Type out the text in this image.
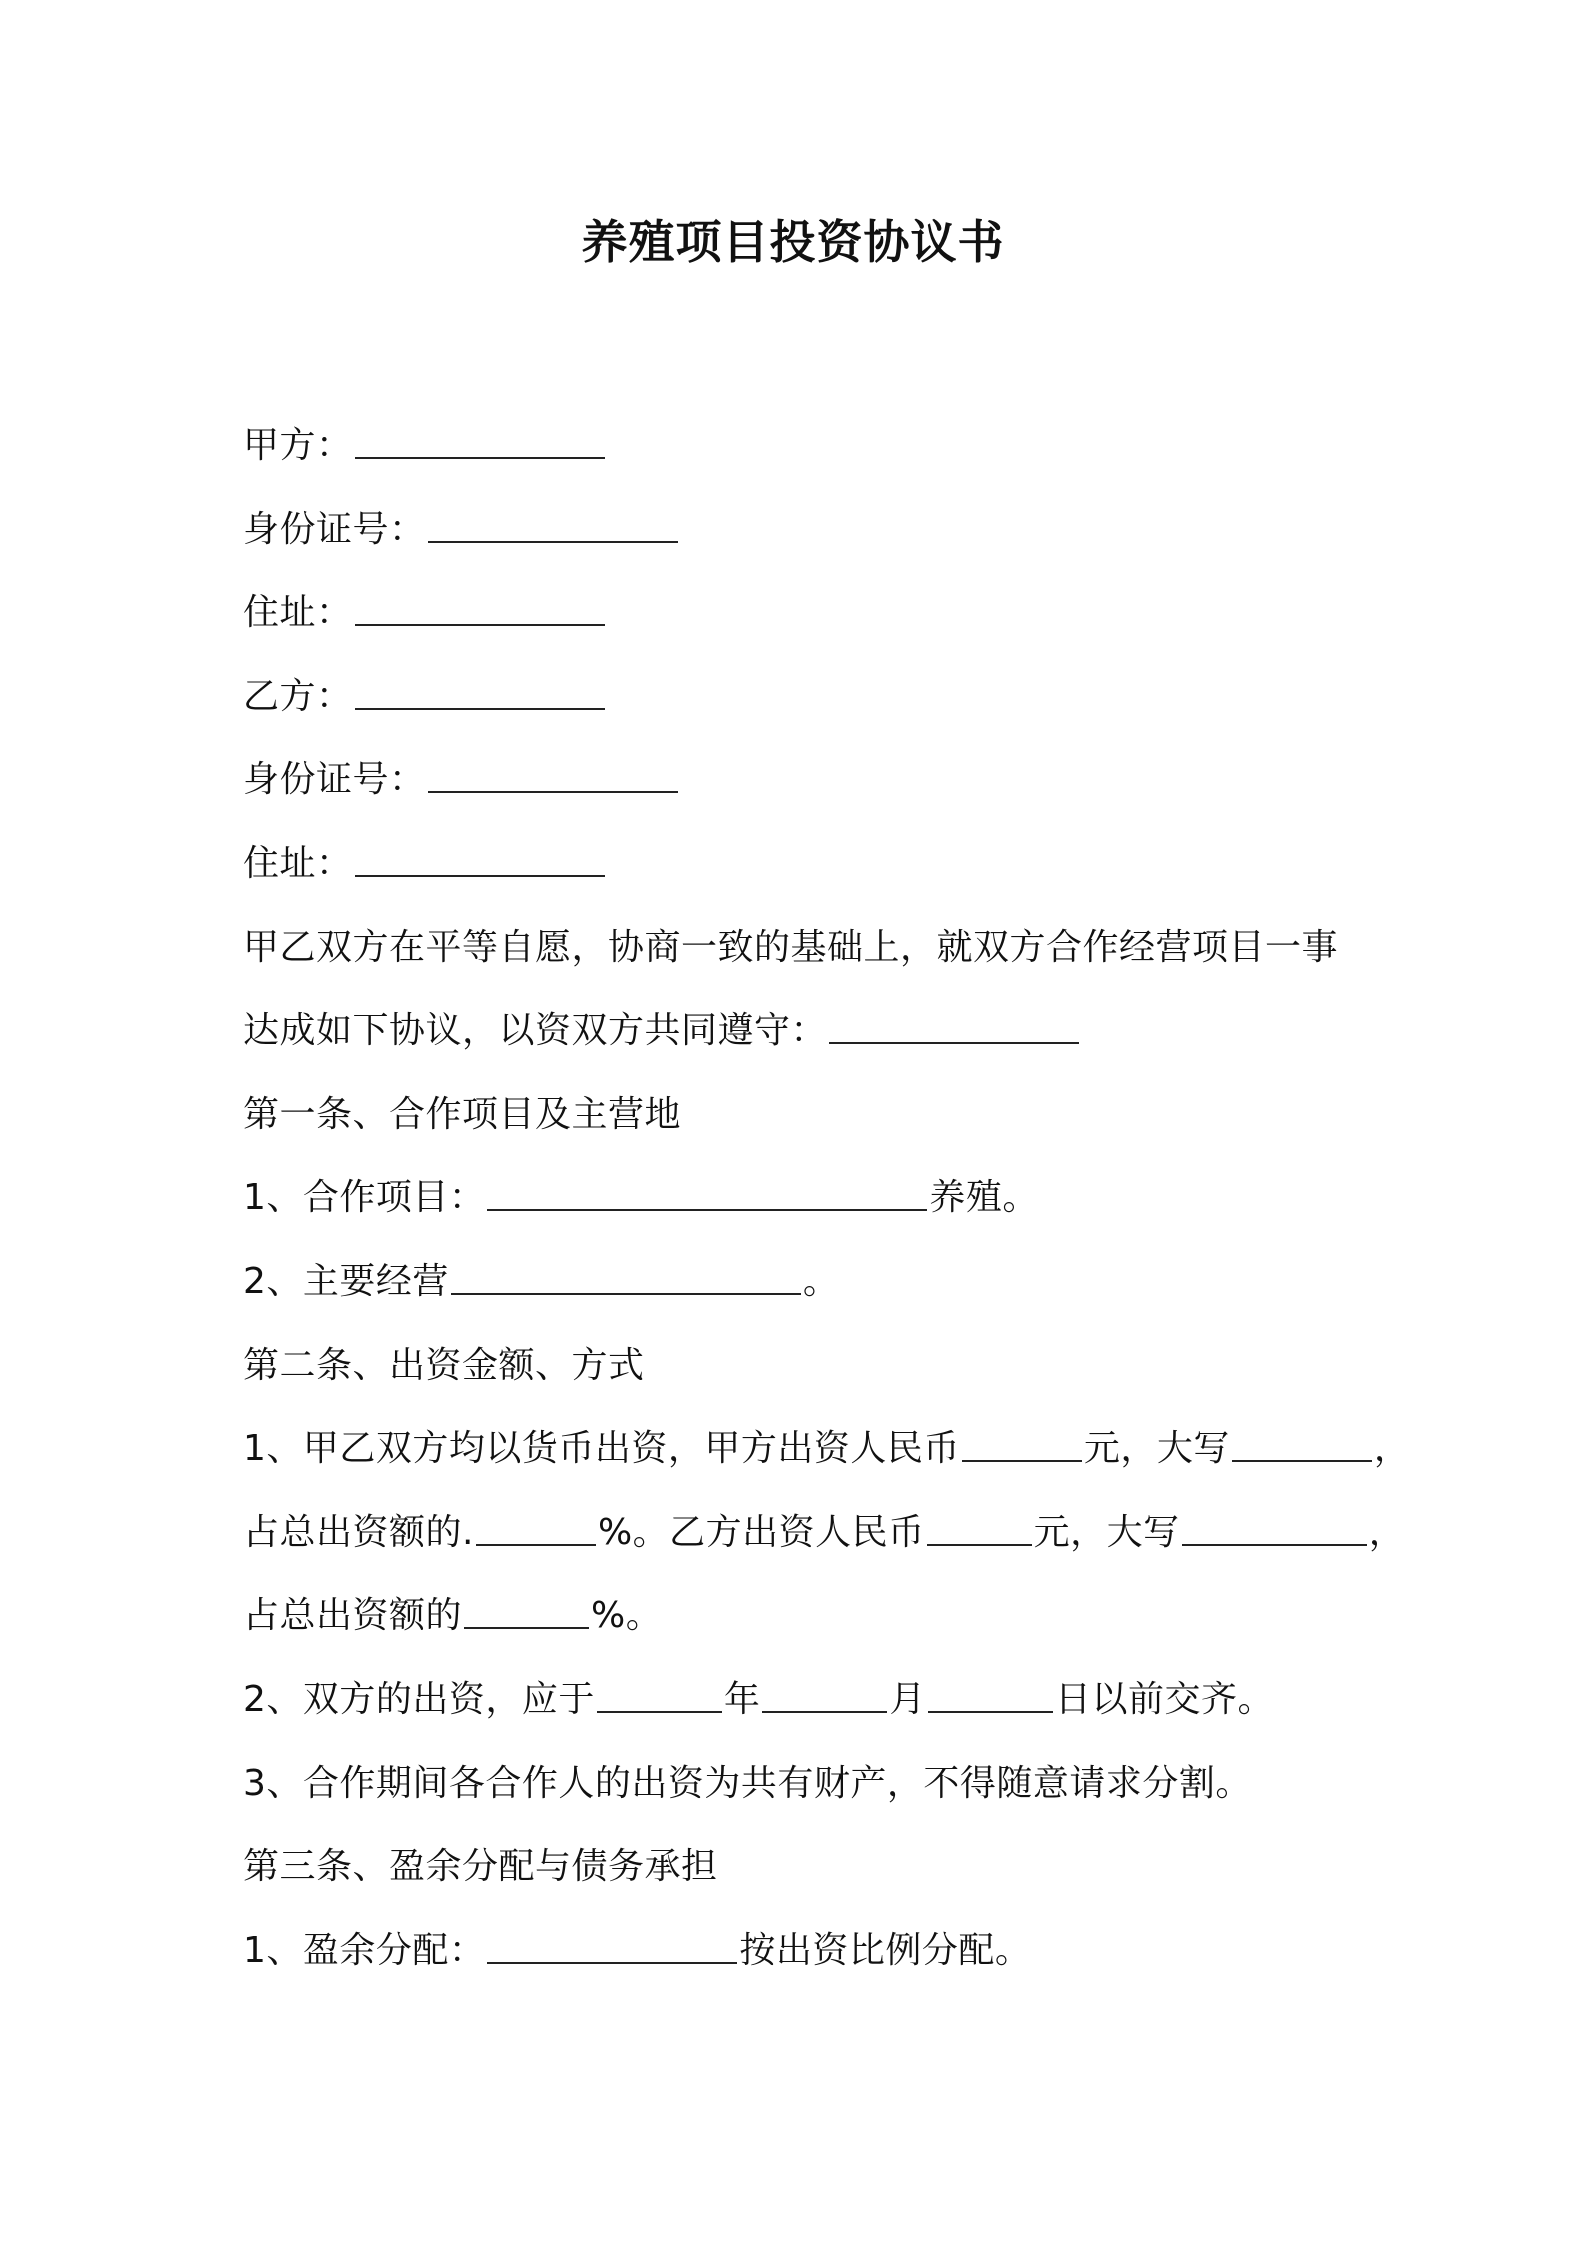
养殖项目投资协议书
甲方：
身份证号：
住址：
乙方：
身份证号：
住址：
甲乙双方在平等自愿，协商一致的基础上，就双方合作经营项目一事
达成如下协议，以资双方共同遵守：
第一条、合作项目及主营地
1、合作项目：	养殖。
2、主要经营	。
第二条、出资金额、方式
1、甲乙双方均以货币出资，甲方出资人民币	元，大写	，
占总出资额的.	%。乙方出资人民币	元，大写	，
占总出资额的	%。
2、双方的出资，应于	年	月	日以前交齐。
3、合作期间各合作人的出资为共有财产，不得随意请求分割。
第三条、盈余分配与债务承担
1、盈余分配：	按出资比例分配。
